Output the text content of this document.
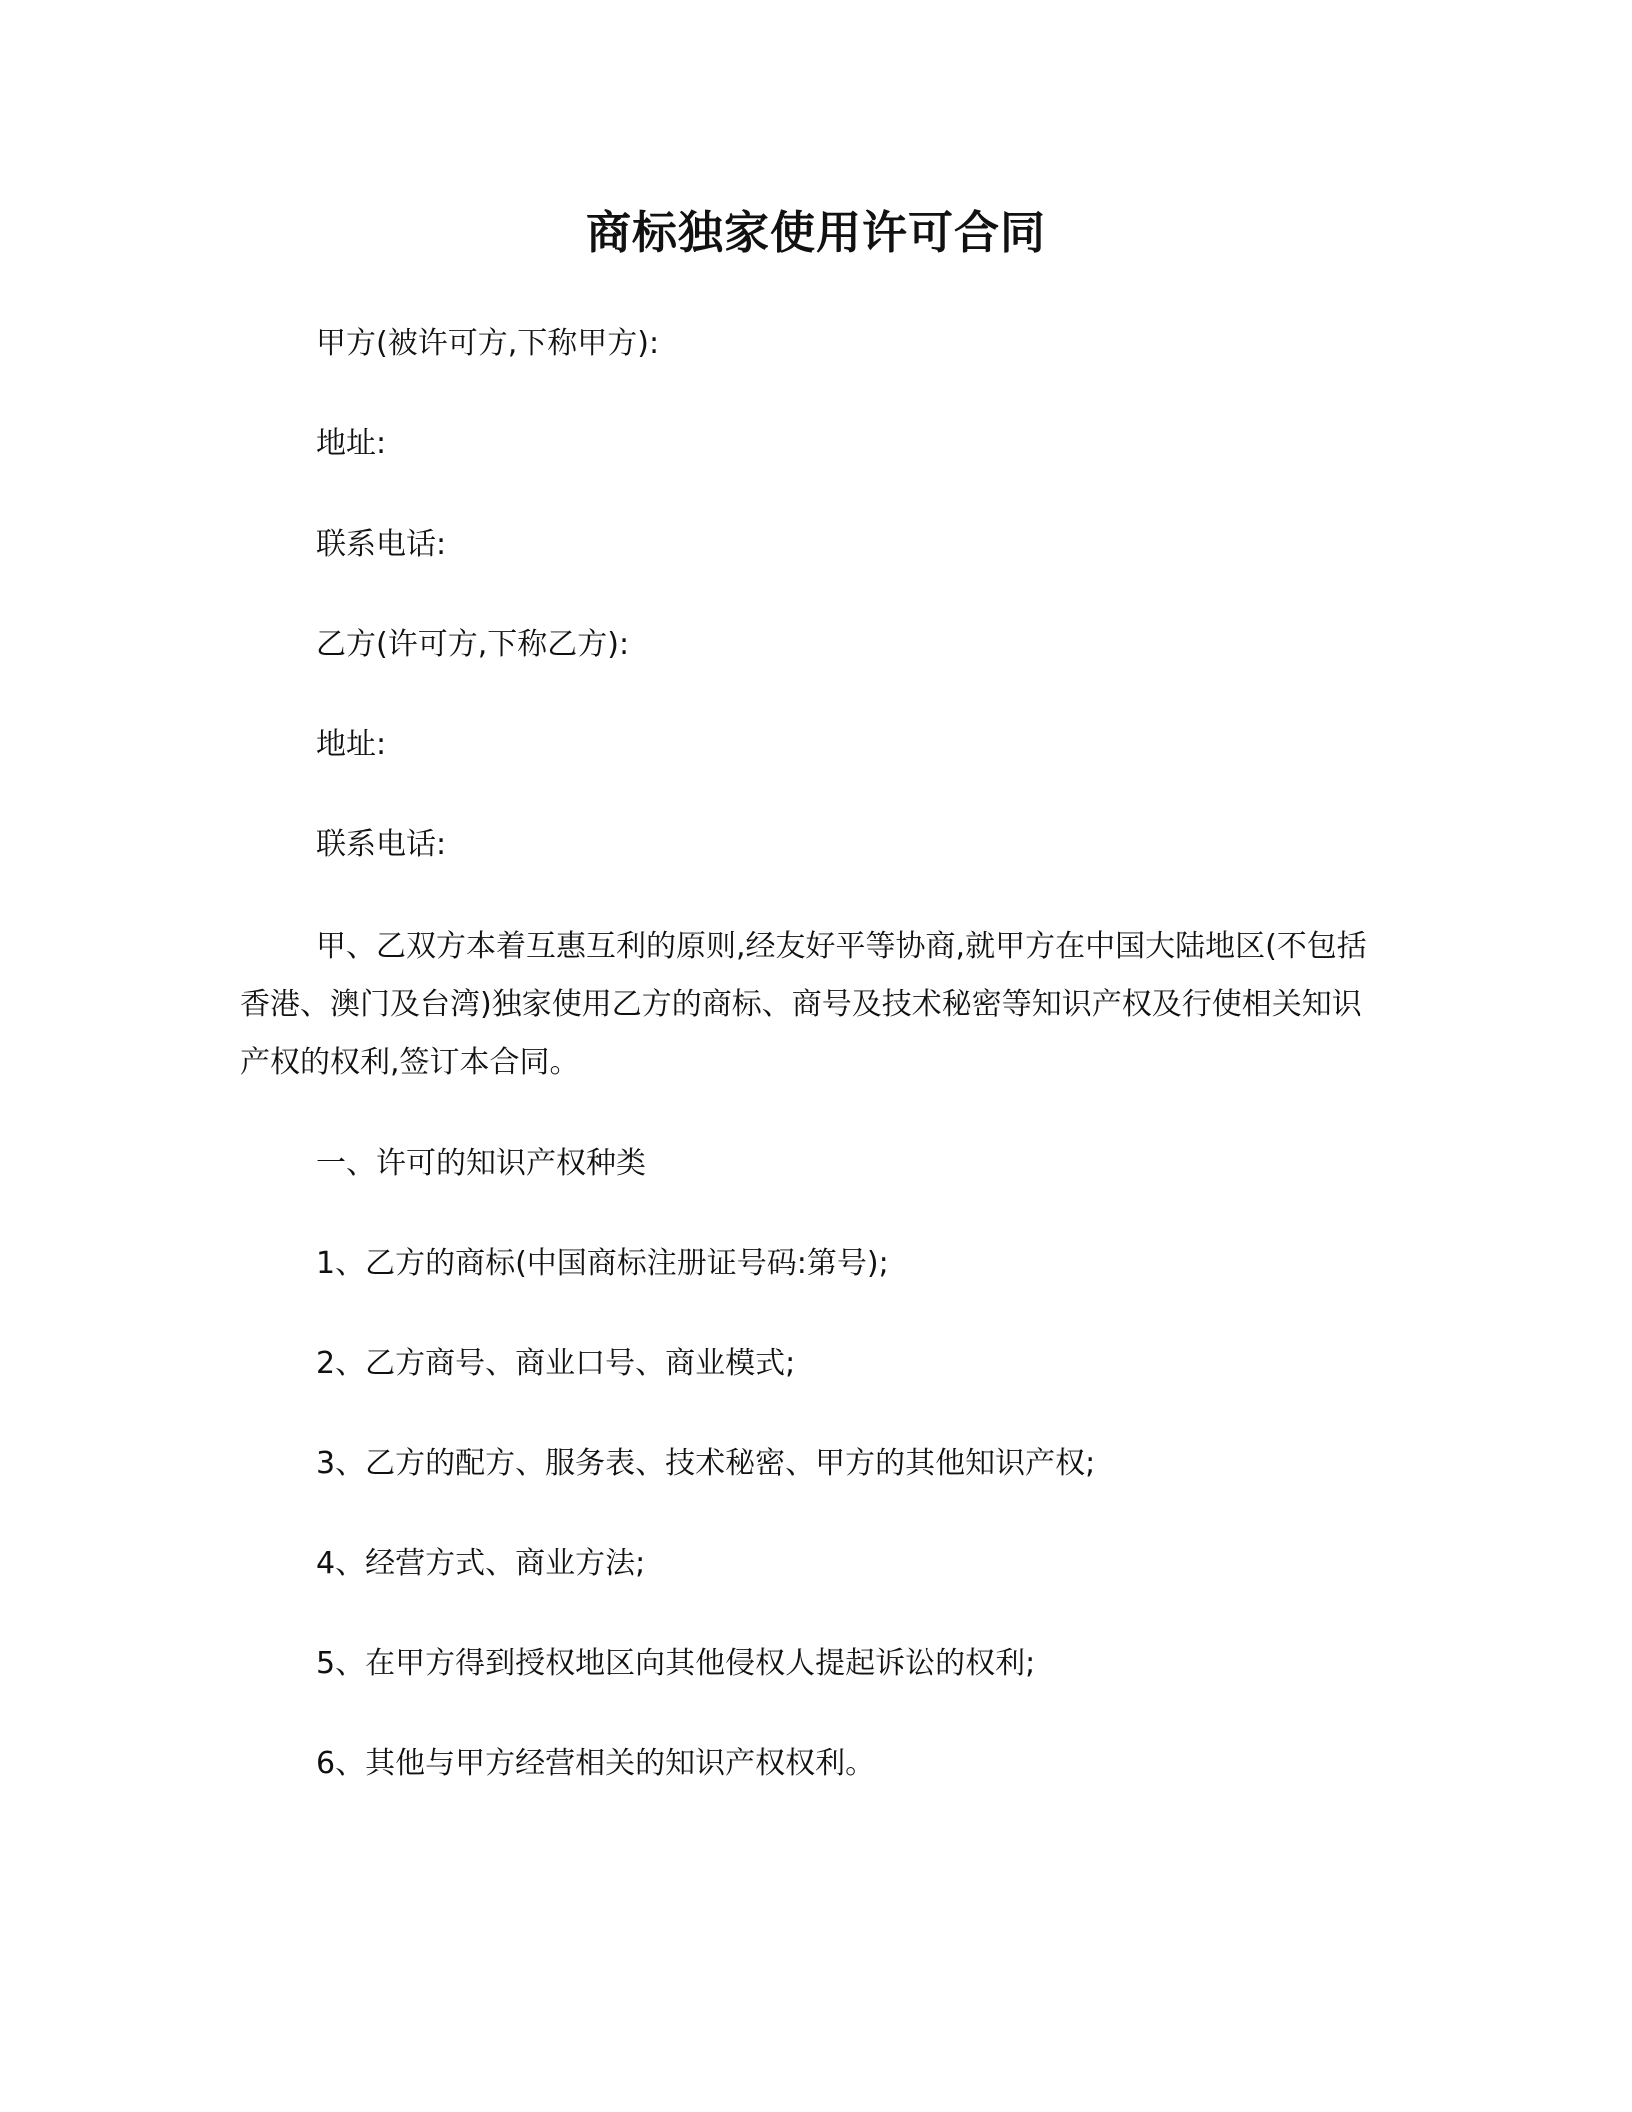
商标独家使用许可合同
甲方(被许可方,下称甲方):
地址:
联系电话:
乙方(许可方,下称乙方):
地址:
联系电话:
甲、乙双方本着互惠互利的原则,经友好平等协商,就甲方在中国大陆地区(不包括香港、澳门及台湾)独家使用乙方的商标、商号及技术秘密等知识产权及行使相关知识产权的权利,签订本合同。
一、许可的知识产权种类
1、乙方的商标(中国商标注册证号码:第号);
2、乙方商号、商业口号、商业模式;
3、乙方的配方、服务表、技术秘密、甲方的其他知识产权;
4、经营方式、商业方法;
5、在甲方得到授权地区向其他侵权人提起诉讼的权利;
6、其他与甲方经营相关的知识产权权利。
